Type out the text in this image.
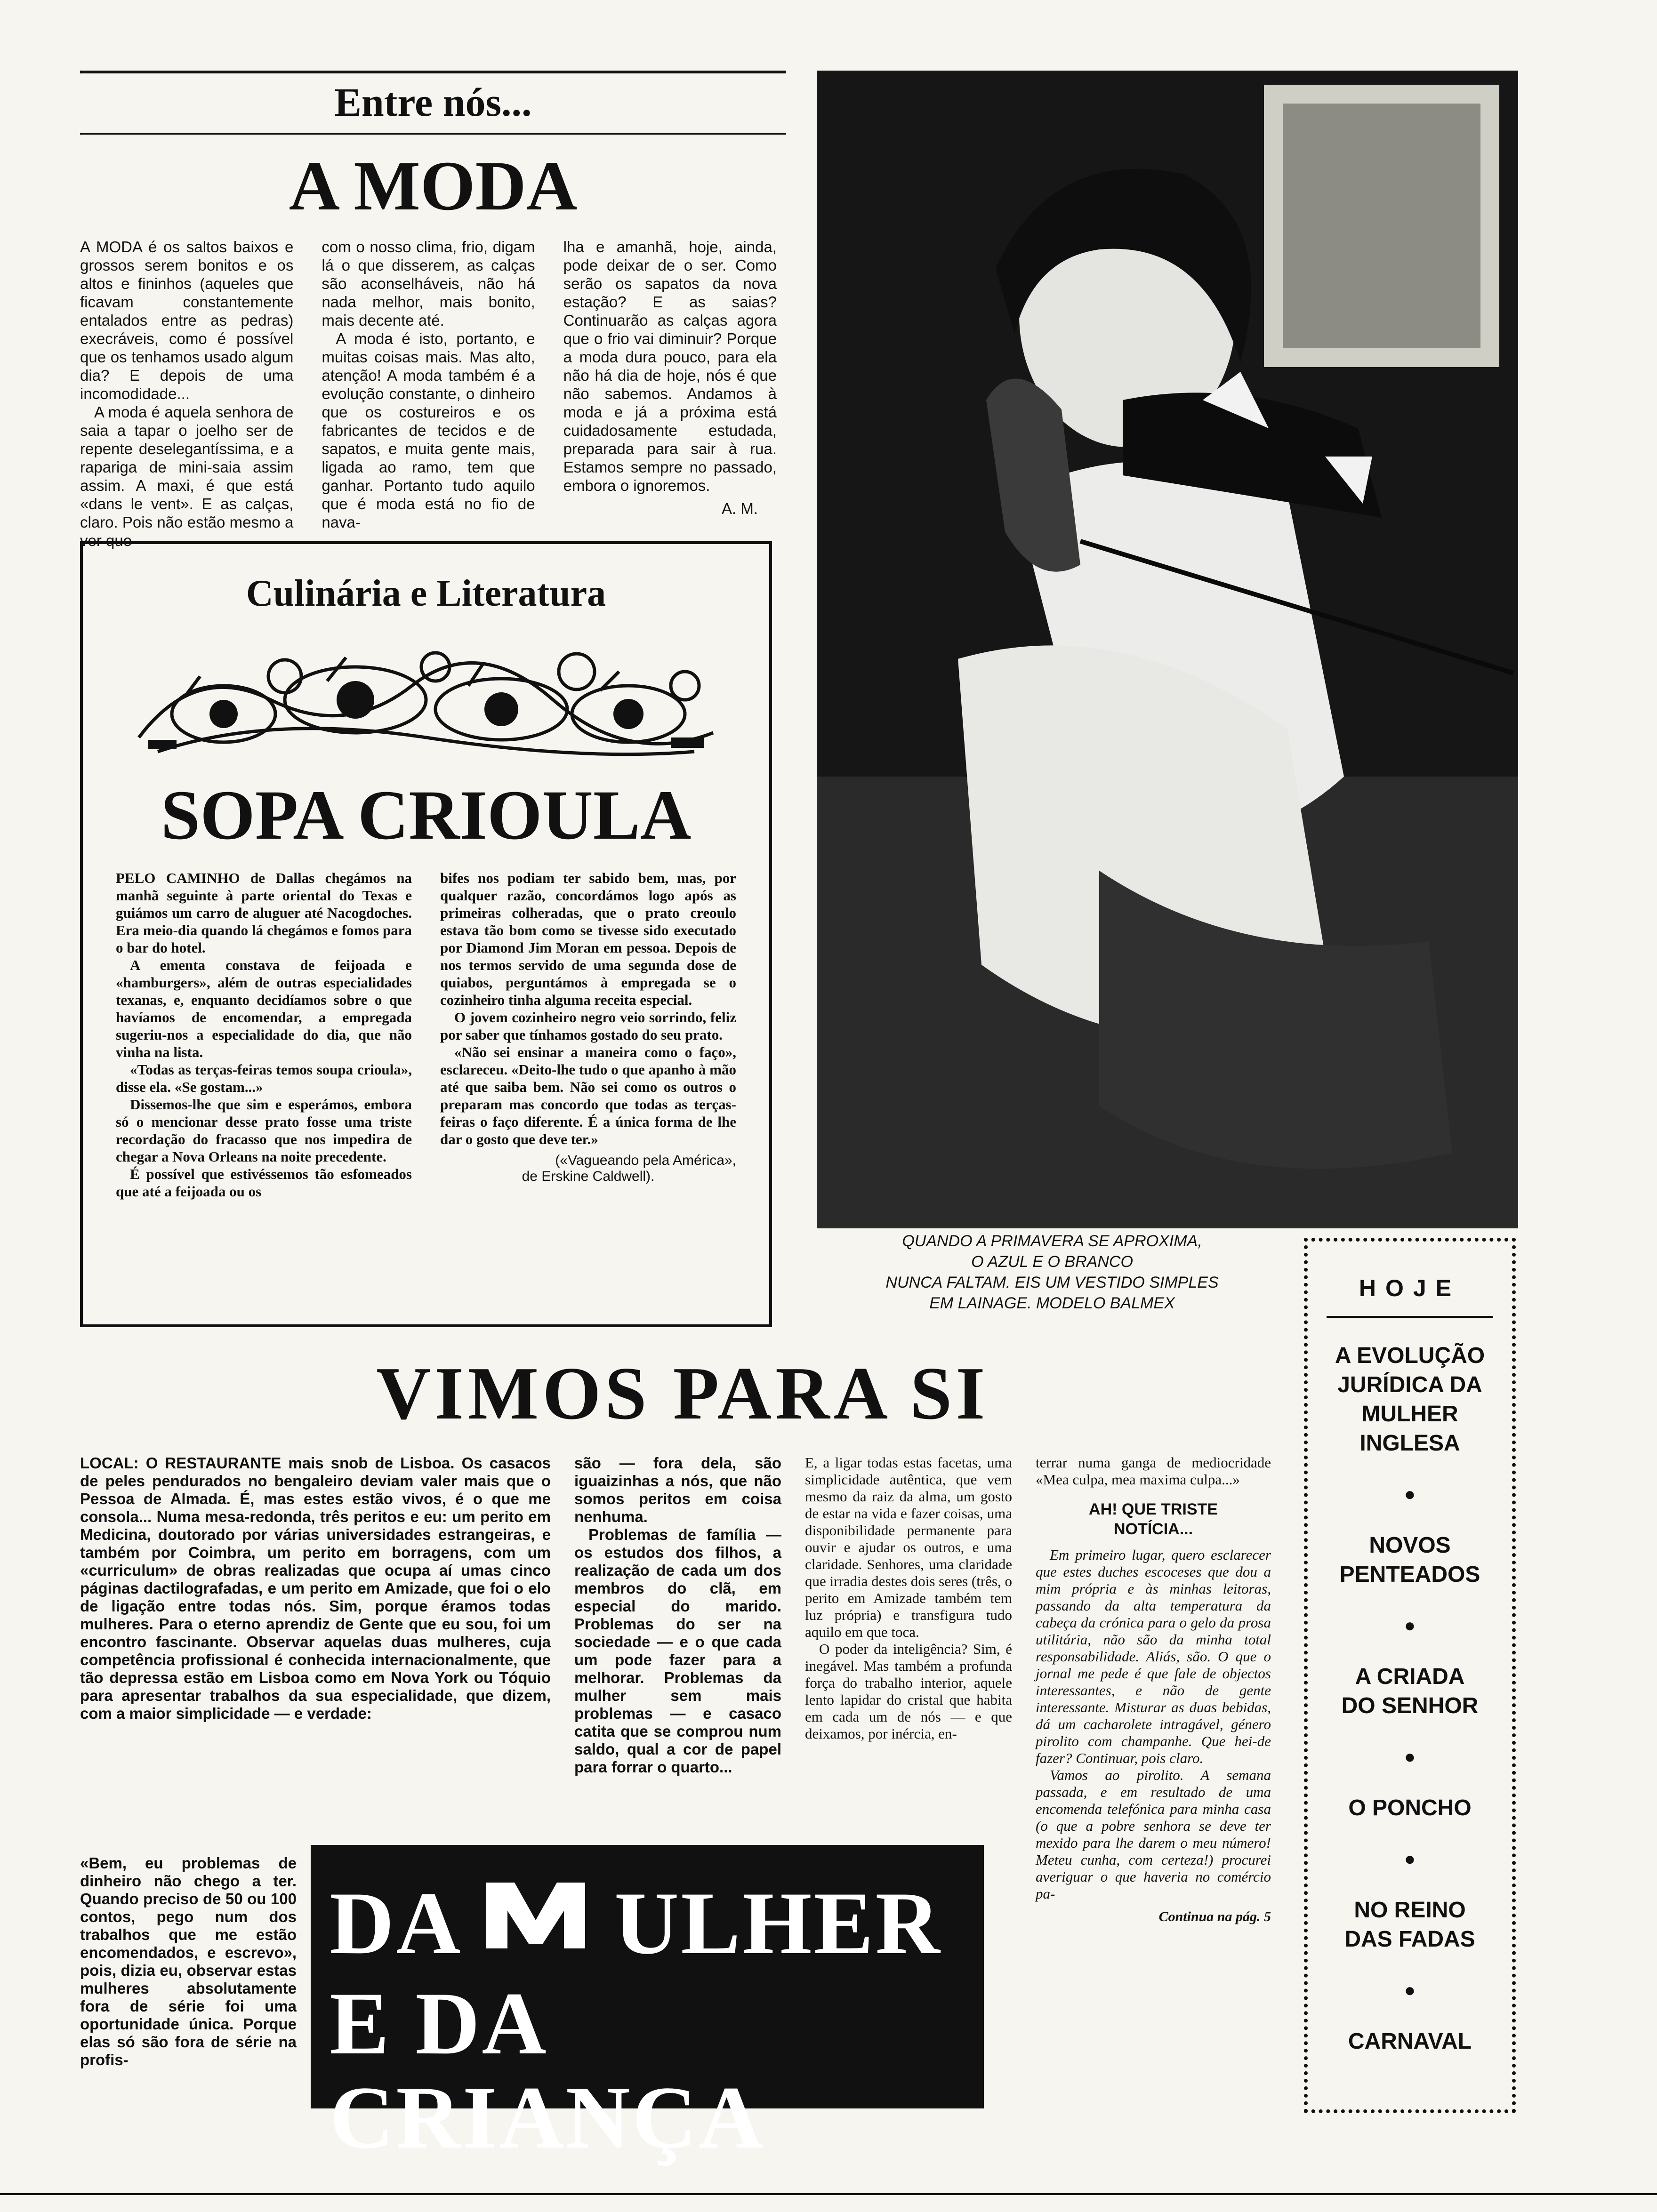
Entre nós...
A MODA

A MODA é os saltos baixos e grossos serem bonitos e os altos e fininhos (aqueles que ficavam constantemente entalados entre as pedras) execráveis, como é possível que os tenhamos usado algum dia? E depois de uma incomodidade...

A moda é aquela senhora de saia a tapar o joelho ser de repente deselegantíssima, e a rapariga de mini-saia assim assim. A maxi, é que está «dans le vent». E as calças, claro. Pois não estão mesmo a ver que

com o nosso clima, frio, digam lá o que disserem, as calças são aconselháveis, não há nada melhor, mais bonito, mais decente até.

A moda é isto, portanto, e muitas coisas mais. Mas alto, atenção! A moda também é a evolução constante, o dinheiro que os costureiros e os fabricantes de tecidos e de sapatos, e muita gente mais, ligada ao ramo, tem que ganhar. Portanto tudo aquilo que é moda está no fio de nava-

lha e amanhã, hoje, ainda, pode deixar de o ser. Como serão os sapatos da nova estação? E as saias? Continuarão as calças agora que o frio vai diminuir? Porque a moda dura pouco, para ela não há dia de hoje, nós é que não sabemos. Andamos à moda e já a próxima está cuidadosamente estudada, preparada para sair à rua. Estamos sempre no passado, embora o ignoremos.

A. M.
Culinária e Literatura
SOPA CRIOULA

PELO CAMINHO de Dallas chegámos na manhã seguinte à parte oriental do Texas e guiámos um carro de aluguer até Nacogdoches. Era meio-dia quando lá chegámos e fomos para o bar do hotel.

A ementa constava de feijoada e «hamburgers», além de outras especialidades texanas, e, enquanto decidíamos sobre o que havíamos de encomendar, a empregada sugeriu-nos a especialidade do dia, que não vinha na lista.

«Todas as terças-feiras temos soupa crioula», disse ela. «Se gostam...»

Dissemos-lhe que sim e esperámos, embora só o mencionar desse prato fosse uma triste recordação do fracasso que nos impedira de chegar a Nova Orleans na noite precedente.

É possível que estivéssemos tão esfomeados que até a feijoada ou os

bifes nos podiam ter sabido bem, mas, por qualquer razão, concordámos logo após as primeiras colheradas, que o prato creoulo estava tão bom como se tivesse sido executado por Diamond Jim Moran em pessoa. Depois de nos termos servido de uma segunda dose de quiabos, perguntámos à empregada se o cozinheiro tinha alguma receita especial.

O jovem cozinheiro negro veio sorrindo, feliz por saber que tínhamos gostado do seu prato.

«Não sei ensinar a maneira como o faço», esclareceu. «Deito-lhe tudo o que apanho à mão até que saiba bem. Não sei como os outros o preparam mas concordo que todas as terças-feiras o faço diferente. É a única forma de lhe dar o gosto que deve ter.»

(«Vagueando pela América»,
de Erskine Caldwell).
QUANDO A PRIMAVERA SE APROXIMA,
O AZUL E O BRANCO
NUNCA FALTAM. EIS UM VESTIDO SIMPLES
EM LAINAGE. MODELO BALMEX
HOJE
A EVOLUÇÃO JURÍDICA DA MULHER INGLESA
●
NOVOS PENTEADOS
●
A CRIADA DO SENHOR
●
O PONCHO
●
NO REINO DAS FADAS
●
CARNAVAL
VIMOS PARA SI

LOCAL: O RESTAURANTE mais snob de Lisboa. Os casacos de peles pendurados no bengaleiro deviam valer mais que o Pessoa de Almada. É, mas estes estão vivos, é o que me consola... Numa mesa-redonda, três peritos e eu: um perito em Medicina, doutorado por várias universidades estrangeiras, e também por Coimbra, um perito em borragens, com um «curriculum» de obras realizadas que ocupa aí umas cinco páginas dactilografadas, e um perito em Amizade, que foi o elo de ligação entre todas nós. Sim, porque éramos todas mulheres. Para o eterno aprendiz de Gente que eu sou, foi um encontro fascinante. Observar aquelas duas mulheres, cuja competência profissional é conhecida internacionalmente, que tão depressa estão em Lisboa como em Nova York ou Tóquio para apresentar trabalhos da sua especialidade, que dizem, com a maior simplicidade — e verdade:

«Bem, eu problemas de dinheiro não chego a ter. Quando preciso de 50 ou 100 contos, pego num dos trabalhos que me estão encomendados, e escrevo», pois, dizia eu, observar estas mulheres absolutamente fora de série foi uma oportunidade única. Porque elas só são fora de série na profis-

são — fora dela, são iguaizinhas a nós, que não somos peritos em coisa nenhuma.

Problemas de família — os estudos dos filhos, a realização de cada um dos membros do clã, em especial do marido. Problemas do ser na sociedade — e o que cada um pode fazer para a melhorar. Problemas da mulher sem mais problemas — e casaco catita que se comprou num saldo, qual a cor de papel para forrar o quarto...

E, a ligar todas estas facetas, uma simplicidade autêntica, que vem mesmo da raiz da alma, um gosto de estar na vida e fazer coisas, uma disponibilidade permanente para ouvir e ajudar os outros, e uma claridade. Senhores, uma claridade que irradia destes dois seres (três, o perito em Amizade também tem luz própria) e transfigura tudo aquilo em que toca.

O poder da inteligência? Sim, é inegável. Mas também a profunda força do trabalho interior, aquele lento lapidar do cristal que habita em cada um de nós — e que deixamos, por inércia, en-

terrar numa ganga de mediocridade «Mea culpa, mea maxima culpa...»

AH! QUE TRISTE NOTÍCIA...

Em primeiro lugar, quero esclarecer que estes duches escoceses que dou a mim própria e às minhas leitoras, passando da alta temperatura da cabeça da crónica para o gelo da prosa utilitária, não são da minha total responsabilidade. Aliás, são. O que o jornal me pede é que fale de objectos interessantes, e não de gente interessante. Misturar as duas bebidas, dá um cacharolete intragável, género pirolito com champanhe. Que hei-de fazer? Continuar, pois claro.

Vamos ao pirolito. A semana passada, e em resultado de uma encomenda telefónica para minha casa (o que a pobre senhora se deve ter mexido para lhe darem o meu número! Meteu cunha, com certeza!) procurei averiguar o que haveria no comércio pa-

Continua na pág. 5
DA ULHER
E DA CRIANÇA
